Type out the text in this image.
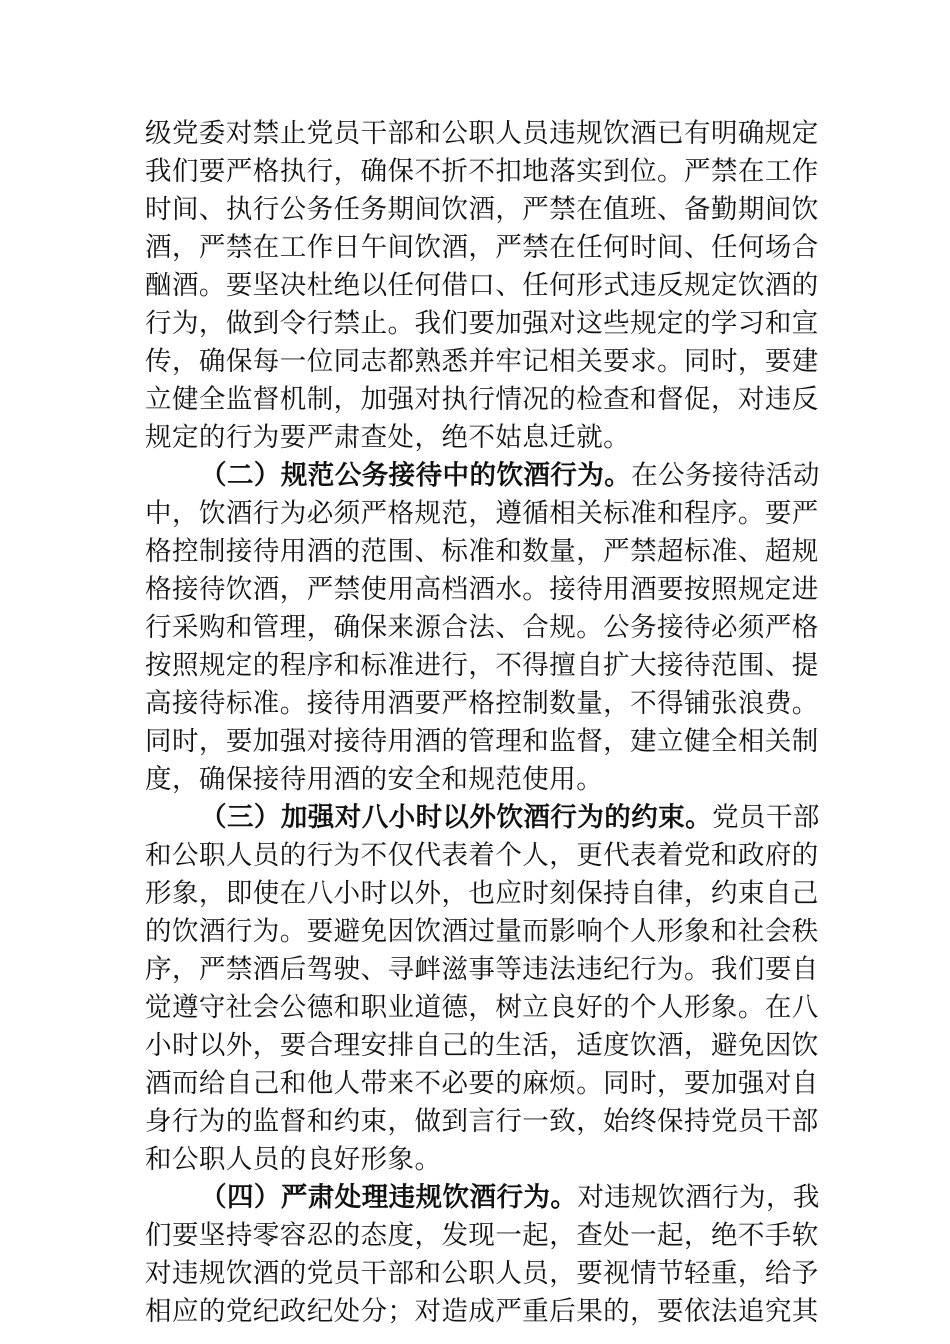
级党委对禁止党员干部和公职人员违规饮酒已有明确规定
我们要严格执行，确保不折不扣地落实到位。严禁在工作
时间、执行公务任务期间饮酒，严禁在值班、备勤期间饮
酒，严禁在工作日午间饮酒，严禁在任何时间、任何场合
酗酒。要坚决杜绝以任何借口、任何形式违反规定饮酒的
行为，做到令行禁止。我们要加强对这些规定的学习和宣
传，确保每一位同志都熟悉并牢记相关要求。同时，要建
立健全监督机制，加强对执行情况的检查和督促，对违反
规定的行为要严肃查处，绝不姑息迁就。
（二）规范公务接待中的饮酒行为。在公务接待活动
中，饮酒行为必须严格规范，遵循相关标准和程序。要严
格控制接待用酒的范围、标准和数量，严禁超标准、超规
格接待饮酒，严禁使用高档酒水。接待用酒要按照规定进
行采购和管理，确保来源合法、合规。公务接待必须严格
按照规定的程序和标准进行，不得擅自扩大接待范围、提
高接待标准。接待用酒要严格控制数量，不得铺张浪费。
同时，要加强对接待用酒的管理和监督，建立健全相关制
度，确保接待用酒的安全和规范使用。
（三）加强对八小时以外饮酒行为的约束。党员干部
和公职人员的行为不仅代表着个人，更代表着党和政府的
形象，即使在八小时以外，也应时刻保持自律，约束自己
的饮酒行为。要避免因饮酒过量而影响个人形象和社会秩
序，严禁酒后驾驶、寻衅滋事等违法违纪行为。我们要自
觉遵守社会公德和职业道德，树立良好的个人形象。在八
小时以外，要合理安排自己的生活，适度饮酒，避免因饮
酒而给自己和他人带来不必要的麻烦。同时，要加强对自
身行为的监督和约束，做到言行一致，始终保持党员干部
和公职人员的良好形象。
（四）严肃处理违规饮酒行为。对违规饮酒行为，我
们要坚持零容忍的态度，发现一起，查处一起，绝不手软
对违规饮酒的党员干部和公职人员，要视情节轻重，给予
相应的党纪政纪处分；对造成严重后果的，要依法追究其
